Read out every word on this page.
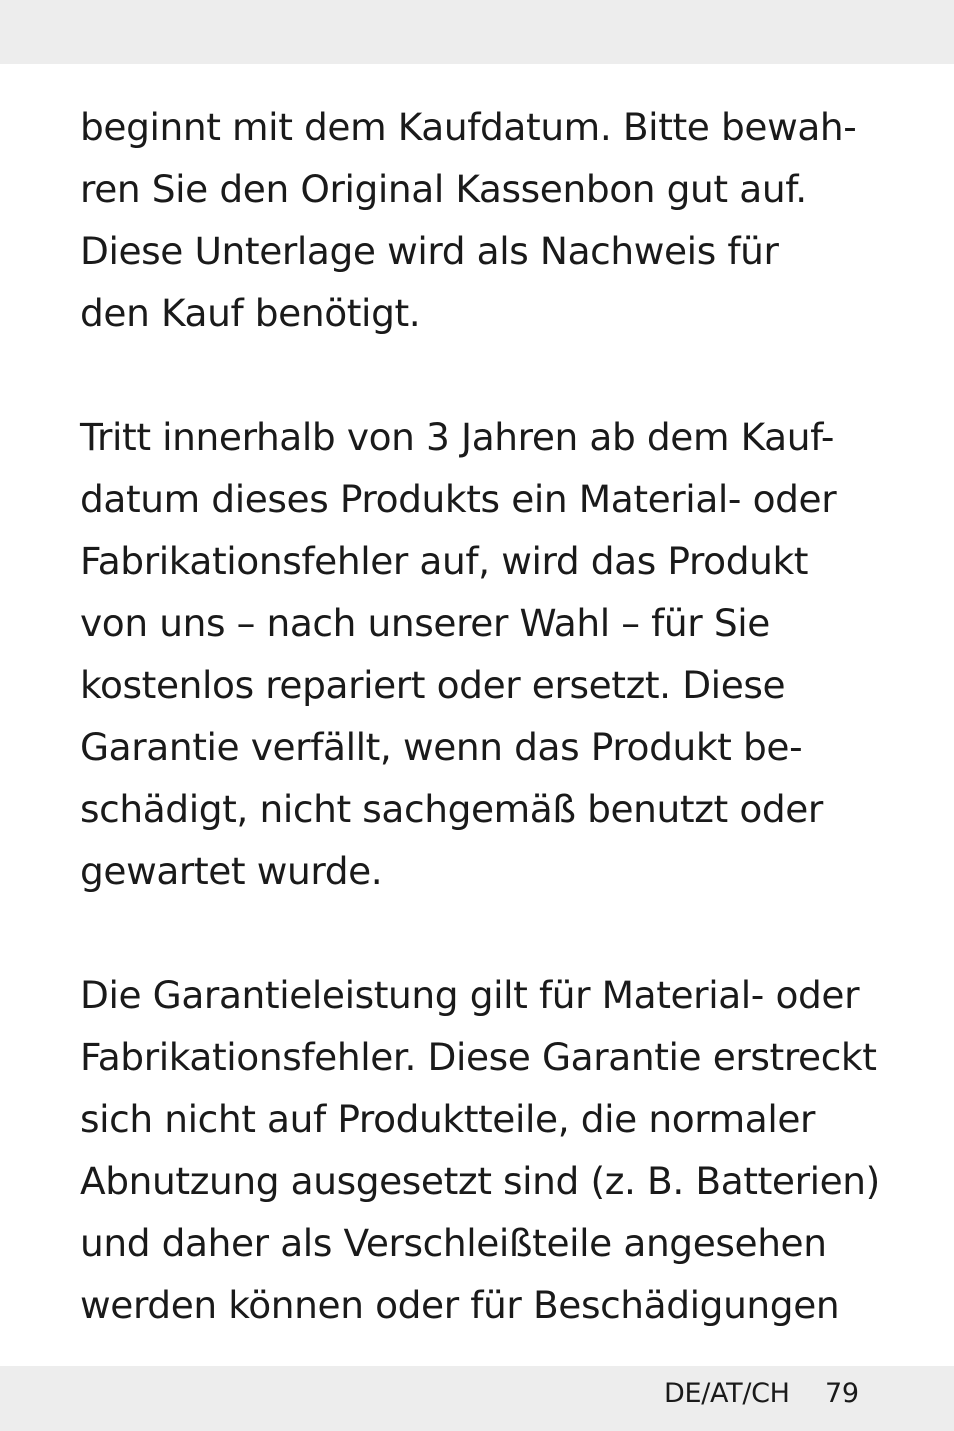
beginnt mit dem Kaufdatum. Bitte bewah-
ren Sie den Original Kassenbon gut auf.
Diese Unterlage wird als Nachweis für
den Kauf benötigt.
Tritt innerhalb von 3 Jahren ab dem Kauf-
datum dieses Produkts ein Material- oder
Fabrikationsfehler auf, wird das Produkt
von uns – nach unserer Wahl – für Sie
kostenlos repariert oder ersetzt. Diese
Garantie verfällt, wenn das Produkt be-
schädigt, nicht sachgemäß benutzt oder
gewartet wurde.
Die Garantieleistung gilt für Material- oder
Fabrikationsfehler. Diese Garantie erstreckt
sich nicht auf Produktteile, die normaler
Abnutzung ausgesetzt sind (z. B. Batterien)
und daher als Verschleißteile angesehen
werden können oder für Beschädigungen
DE/AT/CH 79
